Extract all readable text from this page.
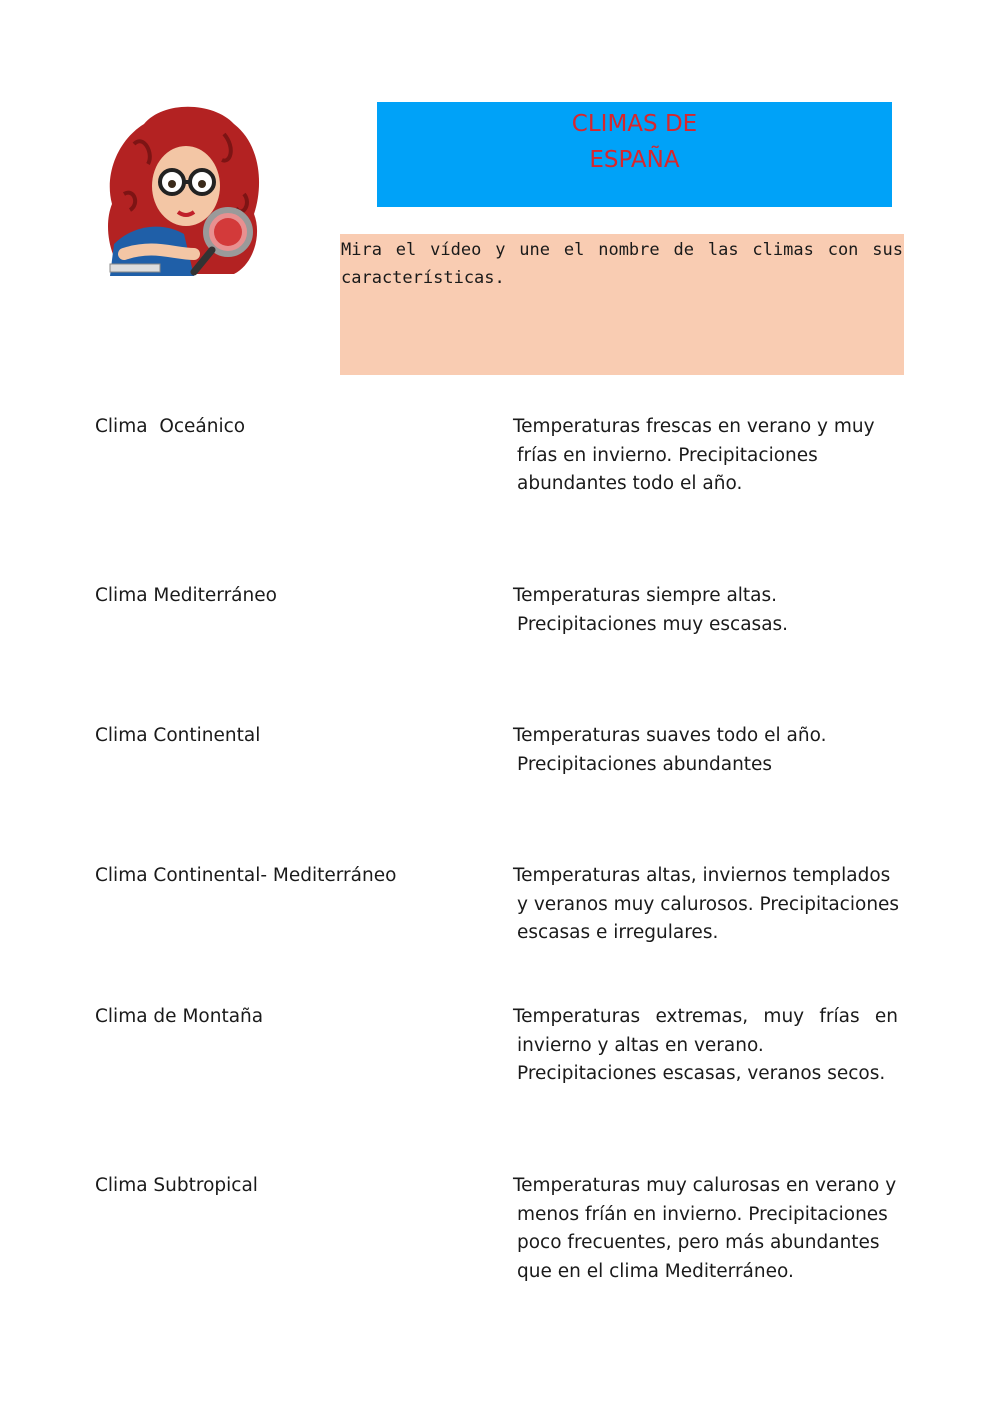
CLIMAS DE
ESPAÑA
Mira el vídeo y une el nombre de las climas con sus características.
Clima  Oceánico	Temperaturas frescas en verano y muy
frías en invierno. Precipitaciones
abundantes todo el año.
Clima Mediterráneo	Temperaturas siempre altas.
Precipitaciones muy escasas.
Clima Continental	Temperaturas suaves todo el año.
Precipitaciones abundantes
Clima Continental- Mediterráneo	Temperaturas altas, inviernos templados
y veranos muy calurosos. Precipitaciones
escasas e irregulares.
Clima de Montaña	Temperaturas extremas, muy frías en
invierno y altas en verano.
Precipitaciones escasas, veranos secos.
Clima Subtropical	Temperaturas muy calurosas en verano y
menos fríán en invierno. Precipitaciones
poco frecuentes, pero más abundantes
que en el clima Mediterráneo.
